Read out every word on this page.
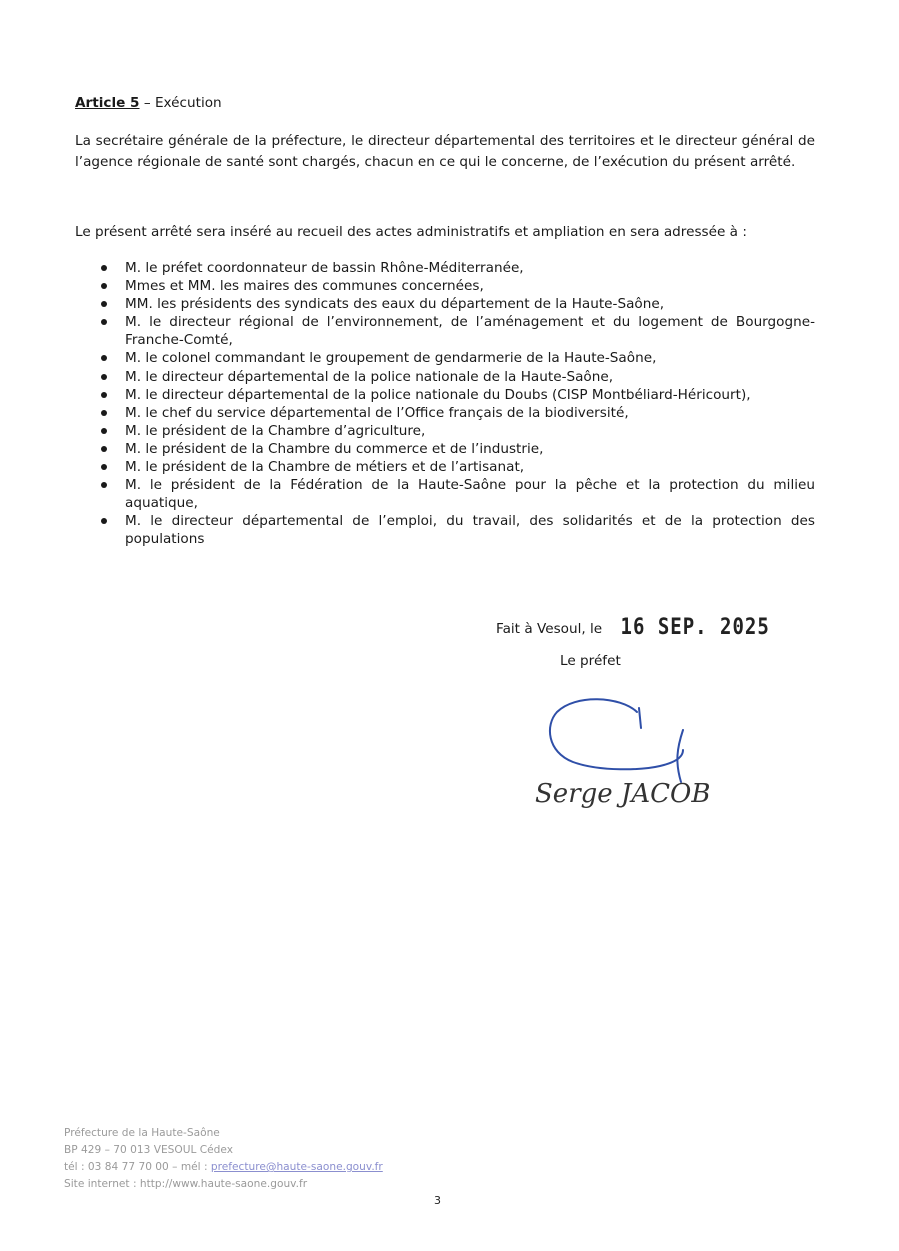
Article 5 – Exécution
La secrétaire générale de la préfecture, le directeur départemental des territoires et le directeur général de l’agence régionale de santé sont chargés, chacun en ce qui le concerne, de l’exécution du présent arrêté.
Le présent arrêté sera inséré au recueil des actes administratifs et ampliation en sera adressée à :
M. le préfet coordonnateur de bassin Rhône-Méditerranée,
Mmes et MM. les maires des communes concernées,
MM. les présidents des syndicats des eaux du département de la Haute-Saône,
M. le directeur régional de l’environnement, de l’aménagement et du logement de Bourgogne-Franche-Comté,
M. le colonel commandant le groupement de gendarmerie de la Haute-Saône,
M. le directeur départemental de la police nationale de la Haute-Saône,
M. le directeur départemental de la police nationale du Doubs (CISP Montbéliard-Héricourt),
M. le chef du service départemental de l’Office français de la biodiversité,
M. le président de la Chambre d’agriculture,
M. le président de la Chambre du commerce et de l’industrie,
M. le président de la Chambre de métiers et de l’artisanat,
M. le président de la Fédération de la Haute-Saône pour la pêche et la protection du milieu aquatique,
M. le directeur départemental de l’emploi, du travail, des solidarités et de la protection des populations
Fait à Vesoul, le 16 SEP. 2025
Le préfet
Serge JACOB
Préfecture de la Haute-Saône
BP 429 – 70 013 VESOUL Cédex
tél : 03 84 77 70 00 – mél : prefecture@haute-saone.gouv.fr
Site internet : http://www.haute-saone.gouv.fr
3
